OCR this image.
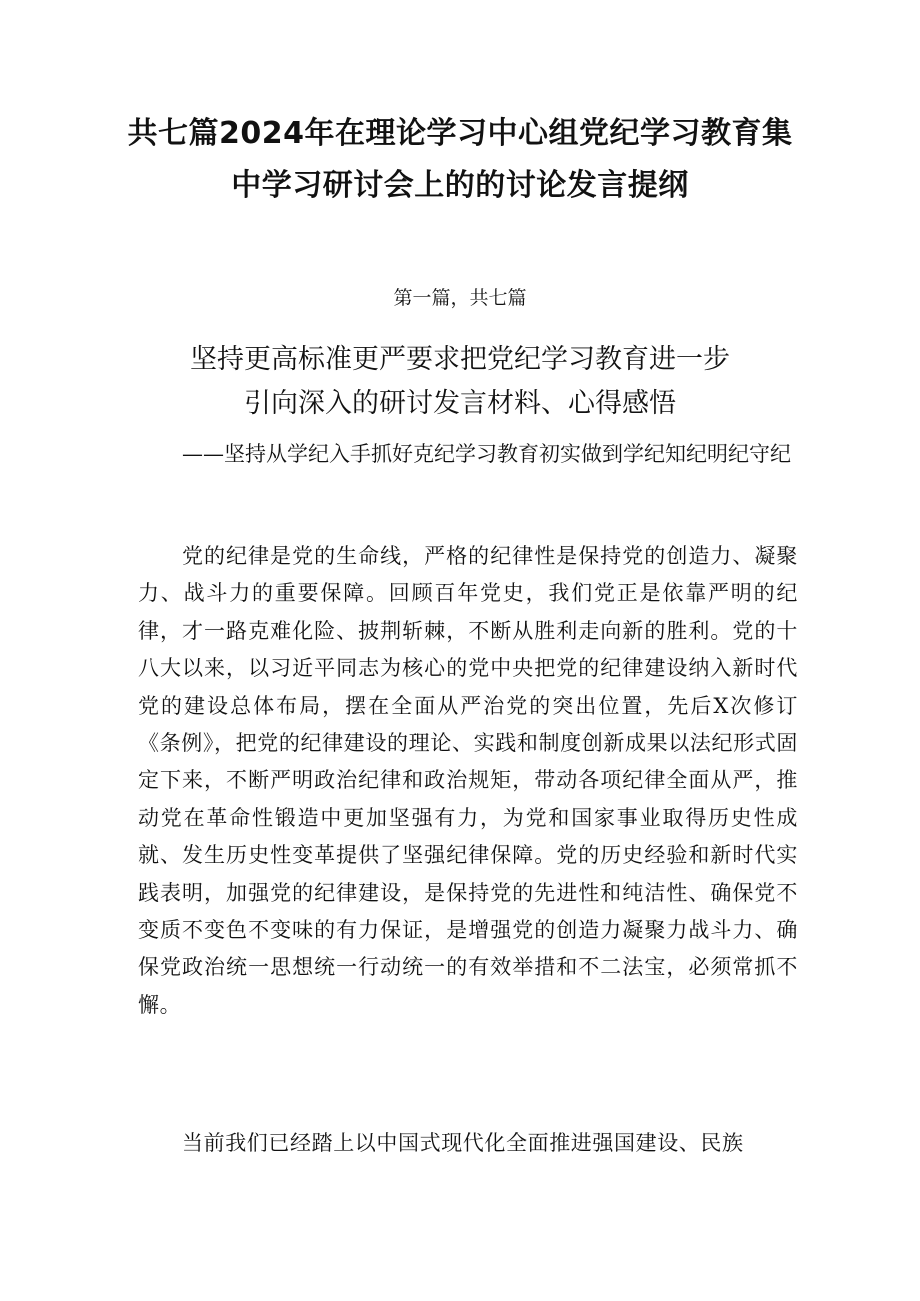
共七篇2024年在理论学习中心组党纪学习教育集
中学习研讨会上的的讨论发言提纲
第一篇，共七篇
坚持更高标准更严要求把党纪学习教育进一步
引向深入的研讨发言材料、心得感悟

——坚持从学纪入手抓好克纪学习教育初实做到学纪知纪明纪守纪

党的纪律是党的生命线，严格的纪律性是保持党的创造力、凝聚力、战斗力的重要保障。回顾百年党史，我们党正是依靠严明的纪律，才一路克难化险、披荆斩棘，不断从胜利走向新的胜利。党的十八大以来，以习近平同志为核心的党中央把党的纪律建设纳入新时代党的建设总体布局，摆在全面从严治党的突出位置，先后X次修订《条例》，把党的纪律建设的理论、实践和制度创新成果以法纪形式固定下来，不断严明政治纪律和政治规矩，带动各项纪律全面从严，推动党在革命性锻造中更加坚强有力，为党和国家事业取得历史性成就、发生历史性变革提供了坚强纪律保障。党的历史经验和新时代实践表明，加强党的纪律建设，是保持党的先进性和纯洁性、确保党不变质不变色不变味的有力保证，是增强党的创造力凝聚力战斗力、确保党政治统一思想统一行动统一的有效举措和不二法宝，必须常抓不懈。

当前我们已经踏上以中国式现代化全面推进强国建设、民族
